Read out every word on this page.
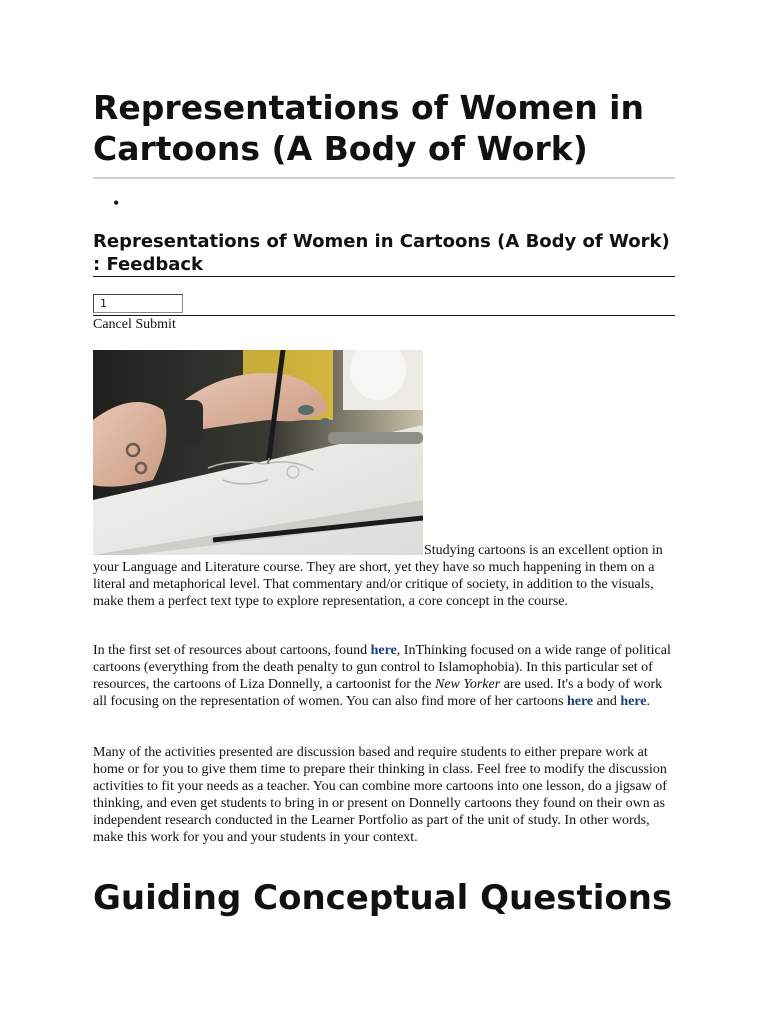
Representations of Women in Cartoons (A Body of Work)
•
Representations of Women in Cartoons (A Body of Work) : Feedback
1
Cancel Submit

Studying cartoons is an excellent option in your Language and Literature course. They are short, yet they have so much happening in them on a literal and metaphorical level. That commentary and/or critique of society, in addition to the visuals, make them a perfect text type to explore representation, a core concept in the course.

In the first set of resources about cartoons, found here, InThinking focused on a wide range of political cartoons (everything from the death penalty to gun control to Islamophobia). In this particular set of resources, the cartoons of Liza Donnelly, a cartoonist for the New Yorker are used. It's a body of work all focusing on the representation of women. You can also find more of her cartoons here and here.

Many of the activities presented are discussion based and require students to either prepare work at home or for you to give them time to prepare their thinking in class. Feel free to modify the discussion activities to fit your needs as a teacher. You can combine more cartoons into one lesson, do a jigsaw of thinking, and even get students to bring in or present on Donnelly cartoons they found on their own as independent research conducted in the Learner Portfolio as part of the unit of study. In other words, make this work for you and your students in your context.

Guiding Conceptual Questions
